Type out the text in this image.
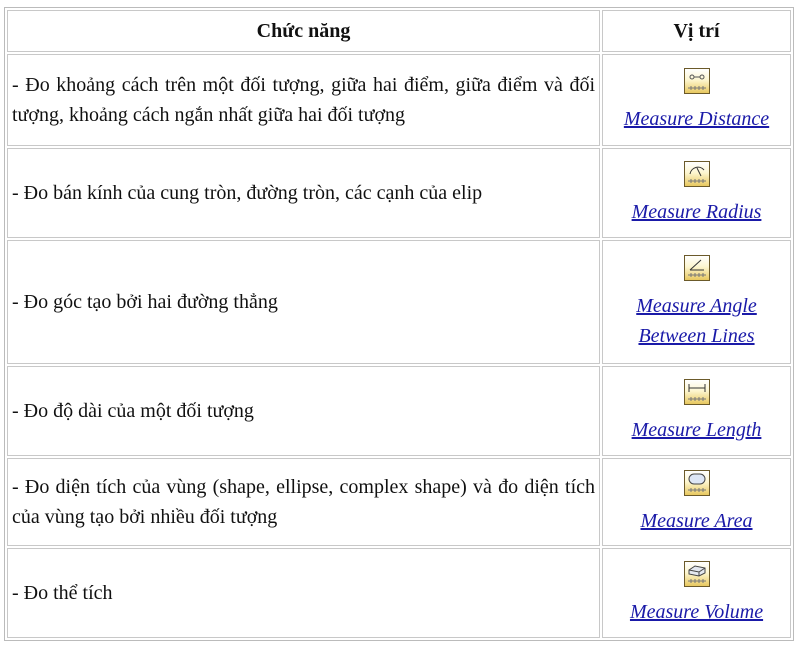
Chức năng	Vị trí
- Đo khoảng cách trên một đối tượng, giữa hai điểm, giữa điểm và đối tượng, khoảng cách ngắn nhất giữa hai đối tượng	Measure Distance
- Đo bán kính của cung tròn, đường tròn, các cạnh của elip	Measure Radius
- Đo góc tạo bởi hai đường thẳng	Measure Angle Between Lines
- Đo độ dài của một đối tượng	Measure Length
- Đo diện tích của vùng (shape, ellipse, complex shape) và đo diện tích của vùng tạo bởi nhiều đối tượng	Measure Area
- Đo thể tích	Measure Volume
